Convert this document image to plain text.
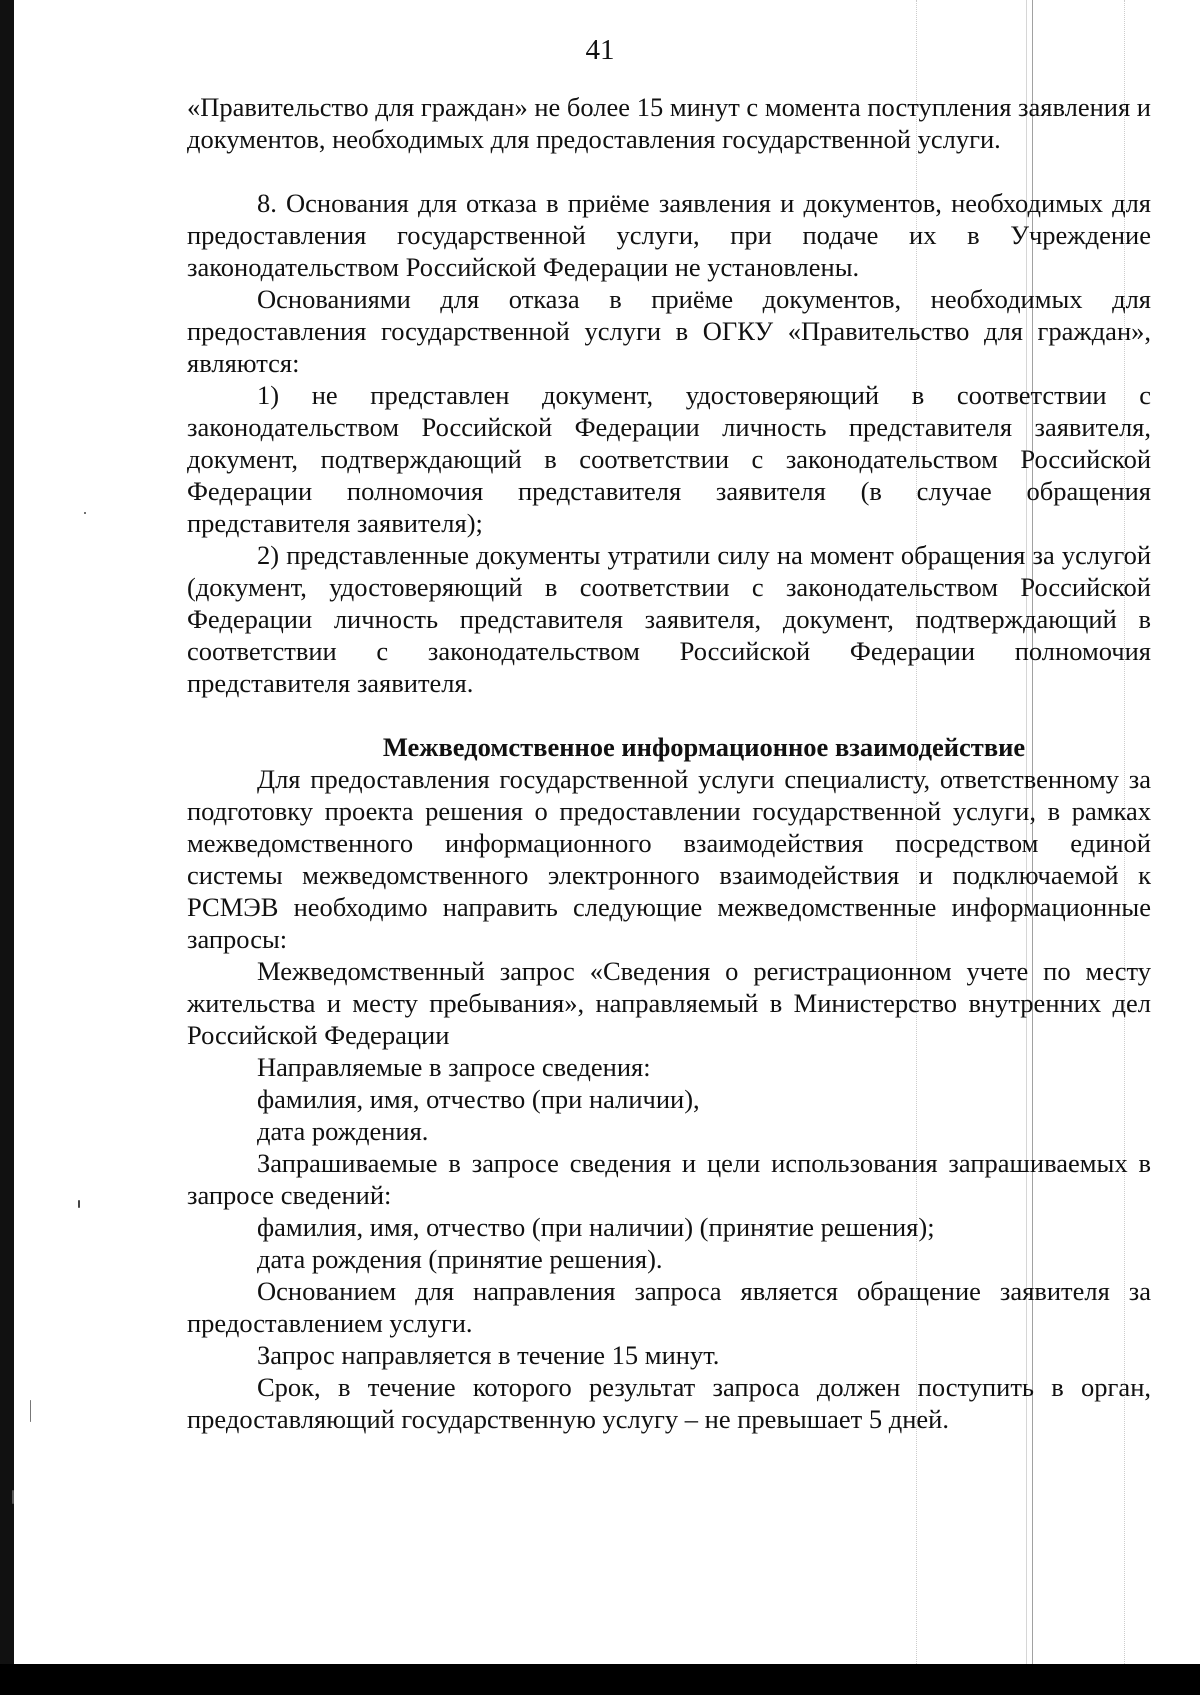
41

«Правительство для граждан» не более 15 минут с момента поступления заявления и документов, необходимых для предоставления государственной услуги.

8. Основания для отказа в приёме заявления и документов, необходимых для предоставления государственной услуги, при подаче их в Учреждение законодательством Российской Федерации не установлены.

Основаниями для отказа в приёме документов, необходимых для предоставления государственной услуги в ОГКУ «Правительство для граждан», являются:

1) не представлен документ, удостоверяющий в соответствии с законодательством Российской Федерации личность представителя заявителя, документ, подтверждающий в соответствии с законодательством Российской Федерации полномочия представителя заявителя (в случае обращения представителя заявителя);

2) представленные документы утратили силу на момент обращения за услугой (документ, удостоверяющий в соответствии с законодательством Российской Федерации личность представителя заявителя, документ, подтверждающий в соответствии с законодательством Российской Федерации полномочия представителя заявителя.

Межведомственное информационное взаимодействие

Для предоставления государственной услуги специалисту, ответственному за подготовку проекта решения о предоставлении государственной услуги, в рамках межведомственного информационного взаимодействия посредством единой системы межведомственного электронного взаимодействия и подключаемой к РСМЭВ необходимо направить следующие межведомственные информационные запросы:

Межведомственный запрос «Сведения о регистрационном учете по месту жительства и месту пребывания», направляемый в Министерство внутренних дел Российской Федерации

Направляемые в запросе сведения:

фамилия, имя, отчество (при наличии),

дата рождения.

Запрашиваемые в запросе сведения и цели использования запрашиваемых в запросе сведений:

фамилия, имя, отчество (при наличии) (принятие решения);

дата рождения (принятие решения).

Основанием для направления запроса является обращение заявителя за предоставлением услуги.

Запрос направляется в течение 15 минут.

Срок, в течение которого результат запроса должен поступить в орган, предоставляющий государственную услугу – не превышает 5 дней.
